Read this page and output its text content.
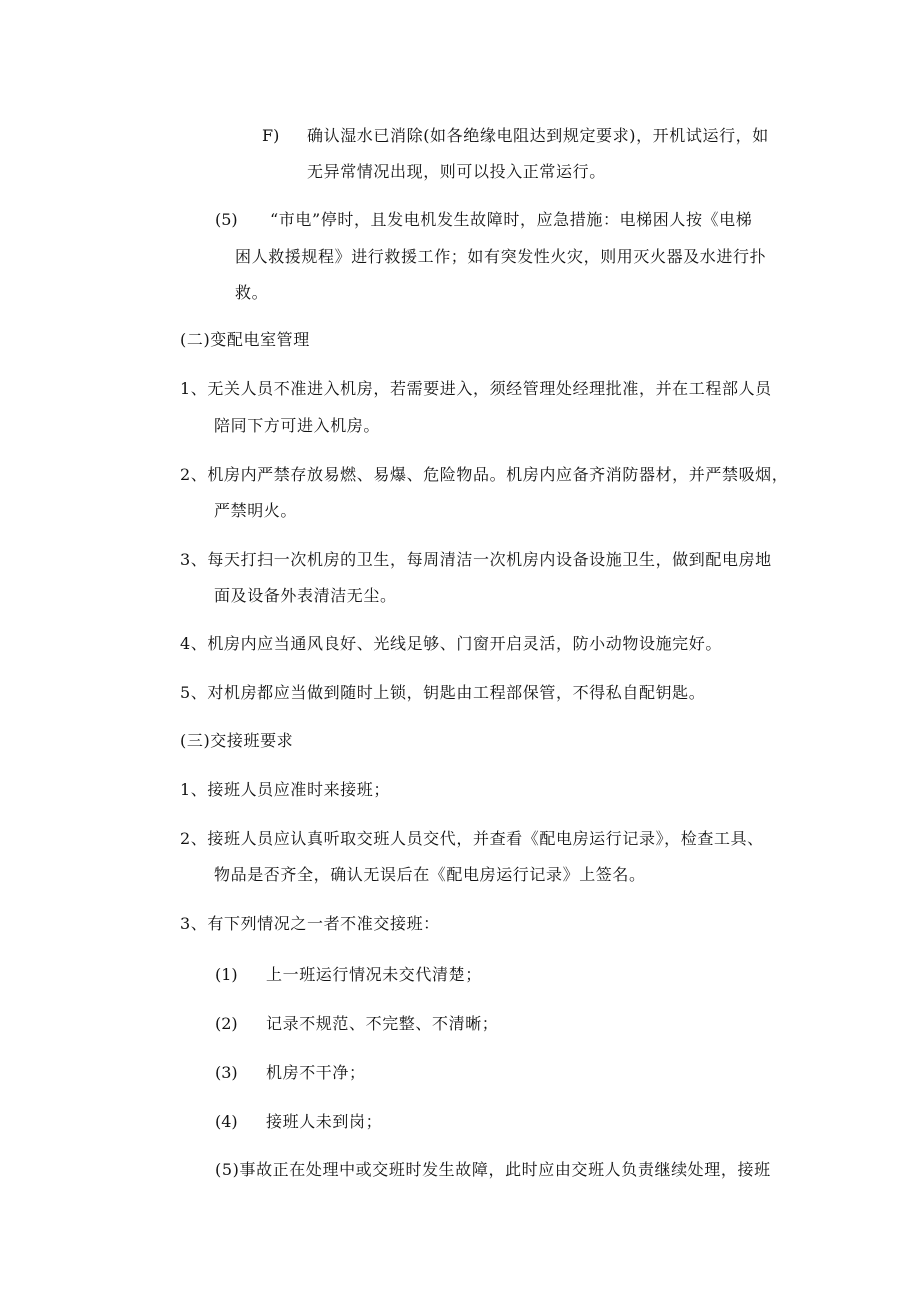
F) 确认湿水已消除(如各绝缘电阻达到规定要求)，开机试运行，如
无异常情况出现，则可以投入正常运行。
(5) “市电”停时，且发电机发生故障时，应急措施：电梯困人按《电梯
困人救援规程》进行救援工作；如有突发性火灾，则用灭火器及水进行扑
救。
(二)变配电室管理
1、无关人员不准进入机房，若需要进入，须经管理处经理批准，并在工程部人员
陪同下方可进入机房。
2、机房内严禁存放易燃、易爆、危险物品。机房内应备齐消防器材，并严禁吸烟，
严禁明火。
3、每天打扫一次机房的卫生，每周清洁一次机房内设备设施卫生，做到配电房地
面及设备外表清洁无尘。
4、机房内应当通风良好、光线足够、门窗开启灵活，防小动物设施完好。
5、对机房都应当做到随时上锁，钥匙由工程部保管，不得私自配钥匙。
(三)交接班要求
1、接班人员应准时来接班；
2、接班人员应认真听取交班人员交代，并查看《配电房运行记录》，检查工具、
物品是否齐全，确认无误后在《配电房运行记录》上签名。
3、有下列情况之一者不准交接班：
(1) 上一班运行情况未交代清楚；
(2) 记录不规范、不完整、不清晰；
(3) 机房不干净；
(4) 接班人未到岗；
(5)事故正在处理中或交班时发生故障，此时应由交班人负责继续处理，接班
